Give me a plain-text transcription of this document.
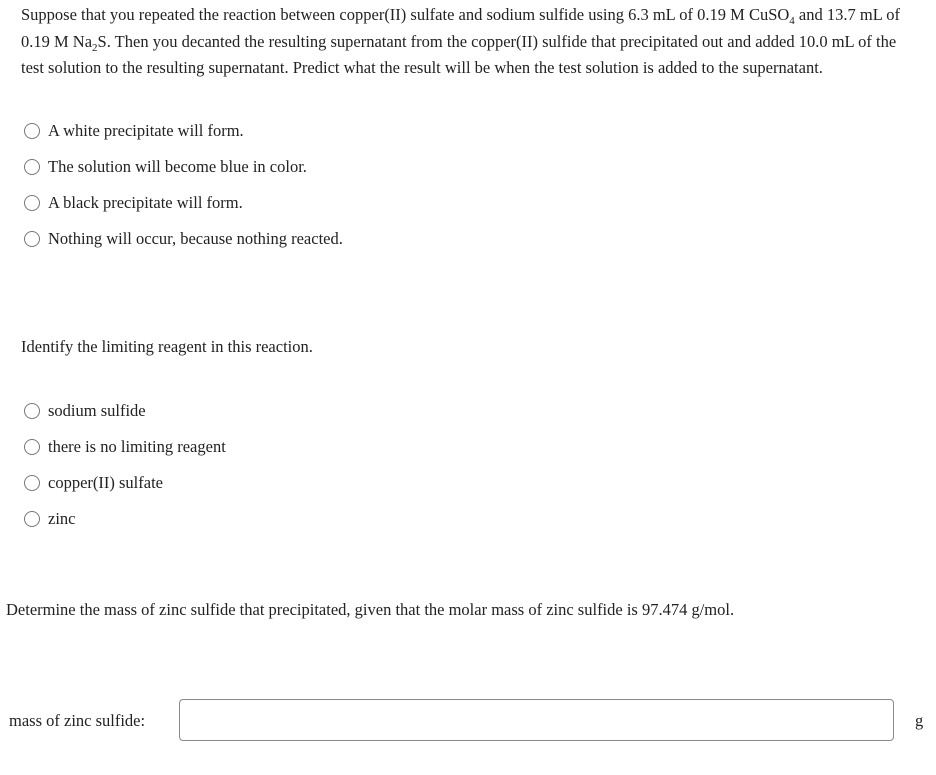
Suppose that you repeated the reaction between copper(II) sulfate and sodium sulfide using 6.3 mL of 0.19 M CuSO$_4$ and 13.7 mL of 0.19 M $Na_2S$. Then you decanted the resulting supernatant from the copper(II) sulfide that precipitated out and added 10.0 mL of the test solution to the resulting supernatant. Predict what the result will be when the test solution is added to the supernatant.

A white precipitate will form.
The solution will become blue in color.
A black precipitate will form.
Nothing will occur, because nothing reacted.

Identify the limiting reagent in this reaction.

sodium sulfide
there is no limiting reagent
copper(II) sulfate
zinc

Determine the mass of zinc sulfide that precipitated, given that the molar mass of zinc sulfide is 97.474 g/mol.

mass of zinc sulfide:	g
